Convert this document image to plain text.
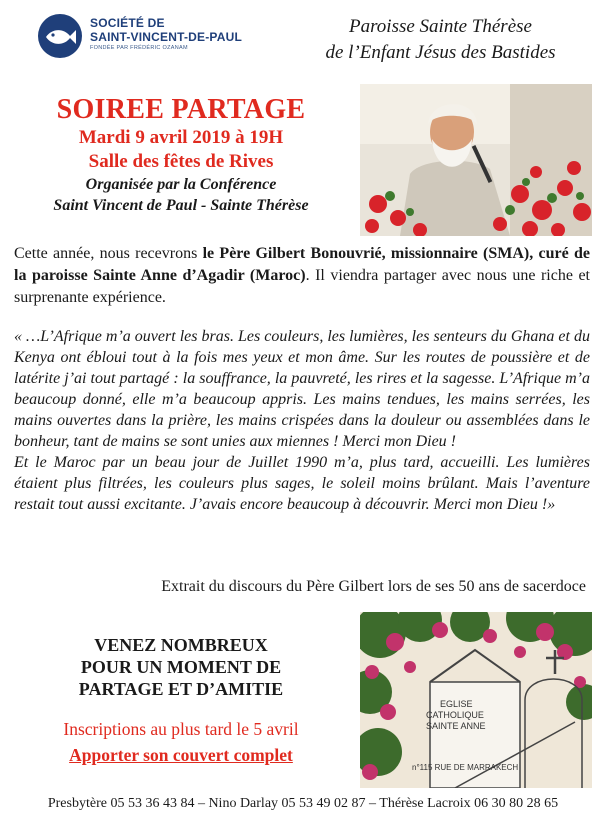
SOCIÉTÉ DE
SAINT-VINCENT-DE-PAUL
FONDÉE PAR FRÉDÉRIC OZANAM
Paroisse Sainte Thérèse
de l’Enfant Jésus des Bastides
SOIREE PARTAGE
Mardi 9 avril 2019 à 19H
Salle des fêtes de Rives
Organisée par la Conférence
Saint Vincent de Paul - Sainte Thérèse
Cette année, nous recevrons le Père Gilbert Bonouvrié, missionnaire (SMA), curé de la paroisse Sainte Anne d’Agadir (Maroc). Il viendra partager avec nous une riche et surprenante expérience.

« …L’Afrique m’a ouvert les bras. Les couleurs, les lumières, les senteurs du Ghana et du Kenya ont ébloui tout à la fois mes yeux et mon âme. Sur les routes de poussière et de latérite j’ai tout partagé : la souffrance, la pauvreté, les rires et la sagesse. L’Afrique m’a beaucoup donné, elle m’a beaucoup appris. Les mains tendues, les mains serrées, les mains ouvertes dans la prière, les mains crispées dans la douleur ou assemblées dans le bonheur, tant de mains se sont unies aux miennes ! Merci mon Dieu !

Et le Maroc par un beau jour de Juillet 1990 m’a, plus tard, accueilli. Les lumières étaient plus filtrées, les couleurs plus sages, le soleil moins brûlant. Mais l’aventure restait tout aussi excitante. J’avais encore beaucoup à découvrir. Merci mon Dieu !»

Extrait du discours du Père Gilbert lors de ses 50 ans de sacerdoce
VENEZ NOMBREUX
POUR UN MOMENT DE
PARTAGE ET D’AMITIE
Inscriptions au plus tard le 5 avril
Apporter son couvert complet
EGLISE
CATHOLIQUE
SAINTE ANNE
n°115 RUE DE MARRAKECH
Presbytère 05 53 36 43 84 – Nino Darlay 05 53 49 02 87 – Thérèse Lacroix 06 30 80 28 65
